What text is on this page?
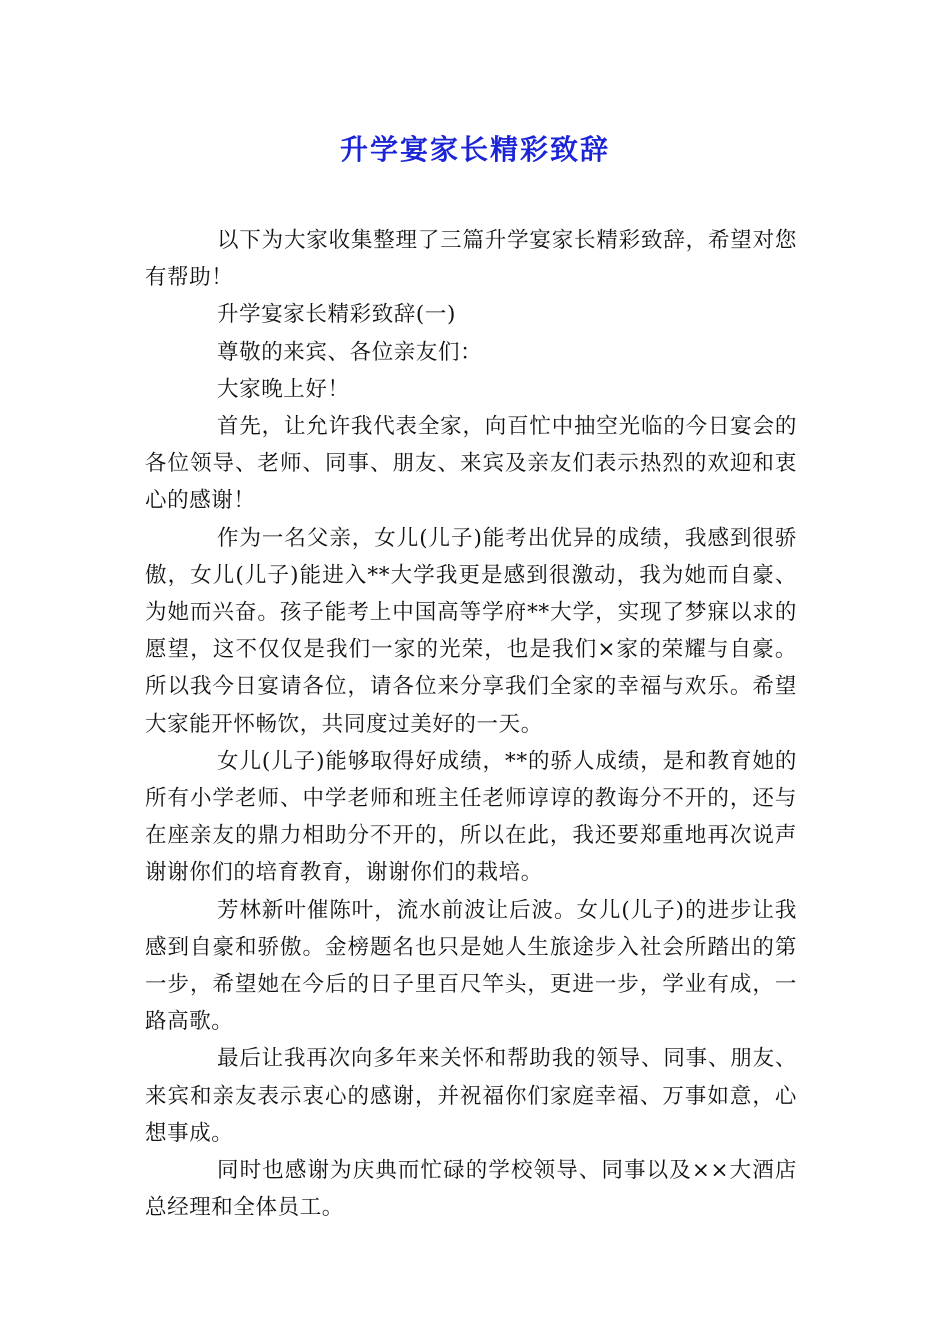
升学宴家长精彩致辞

以下为大家收集整理了三篇升学宴家长精彩致辞，希望对您有帮助！

升学宴家长精彩致辞(一)

尊敬的来宾、各位亲友们：

大家晚上好！

首先，让允许我代表全家，向百忙中抽空光临的今日宴会的各位领导、老师、同事、朋友、来宾及亲友们表示热烈的欢迎和衷心的感谢！

作为一名父亲，女儿(儿子)能考出优异的成绩，我感到很骄傲，女儿(儿子)能进入**大学我更是感到很激动，我为她而自豪、为她而兴奋。孩子能考上中国高等学府**大学，实现了梦寐以求的愿望，这不仅仅是我们一家的光荣，也是我们×家的荣耀与自豪。所以我今日宴请各位，请各位来分享我们全家的幸福与欢乐。希望大家能开怀畅饮，共同度过美好的一天。

女儿(儿子)能够取得好成绩，**的骄人成绩，是和教育她的所有小学老师、中学老师和班主任老师谆谆的教诲分不开的，还与在座亲友的鼎力相助分不开的，所以在此，我还要郑重地再次说声谢谢你们的培育教育，谢谢你们的栽培。

芳林新叶催陈叶，流水前波让后波。女儿(儿子)的进步让我感到自豪和骄傲。金榜题名也只是她人生旅途步入社会所踏出的第一步，希望她在今后的日子里百尺竿头，更进一步，学业有成，一路高歌。

最后让我再次向多年来关怀和帮助我的领导、同事、朋友、来宾和亲友表示衷心的感谢，并祝福你们家庭幸福、万事如意，心想事成。

同时也感谢为庆典而忙碌的学校领导、同事以及××大酒店总经理和全体员工。
